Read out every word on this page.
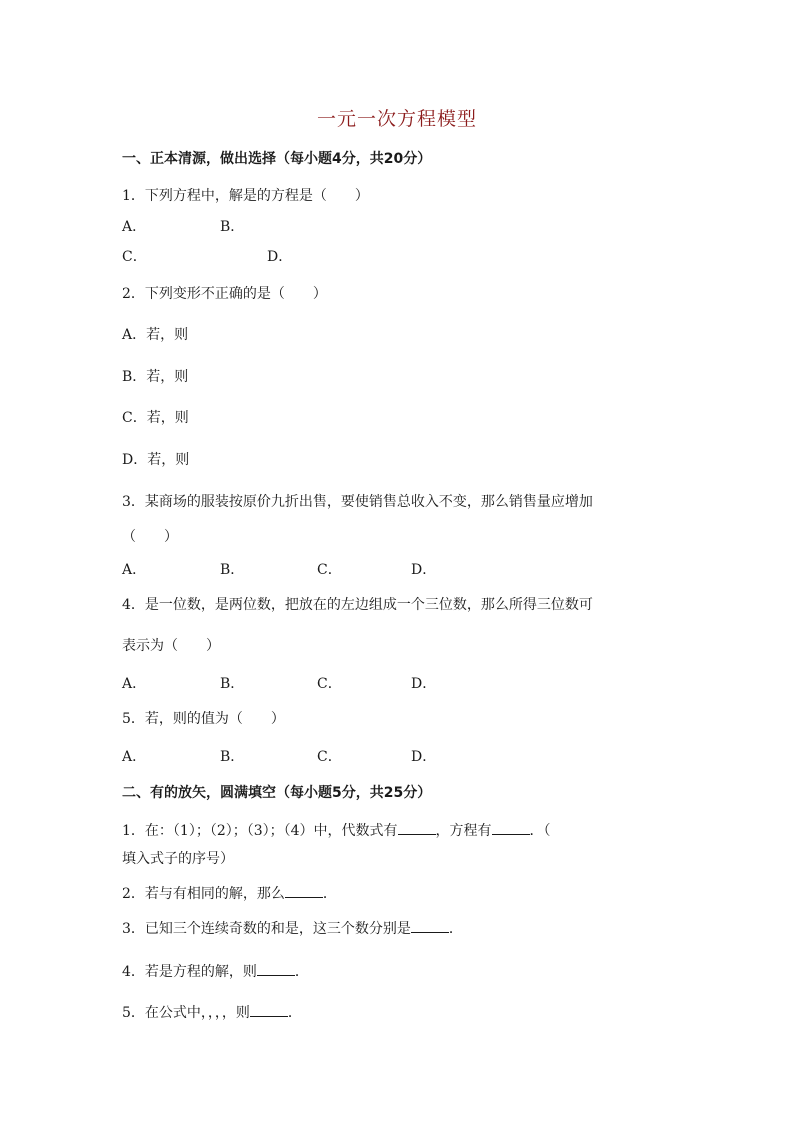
一元一次方程模型
一、正本清源，做出选择（每小题4分，共20分）
1．下列方程中，解是的方程是（　　）
A．	B．
C．	D．
2．下列变形不正确的是（　　）
A．若，则
B．若，则
C．若，则
D．若，则
3．某商场的服装按原价九折出售，要使销售总收入不变，那么销售量应增加
（　　）
A．	B．	C．	D．
4．是一位数，是两位数，把放在的左边组成一个三位数，那么所得三位数可
表示为（　　）
A．	B．	C．	D．
5．若，则的值为（　　）
A．	B．	C．	D．
二、有的放矢，圆满填空（每小题5分，共25分）
1．在：（1）；（2）；（3）；（4）中，代数式有	，方程有	．（
填入式子的序号）
2．若与有相同的解，那么	．
3．已知三个连续奇数的和是，这三个数分别是	．
4．若是方程的解，则	．
5．在公式中，，，，则	．
